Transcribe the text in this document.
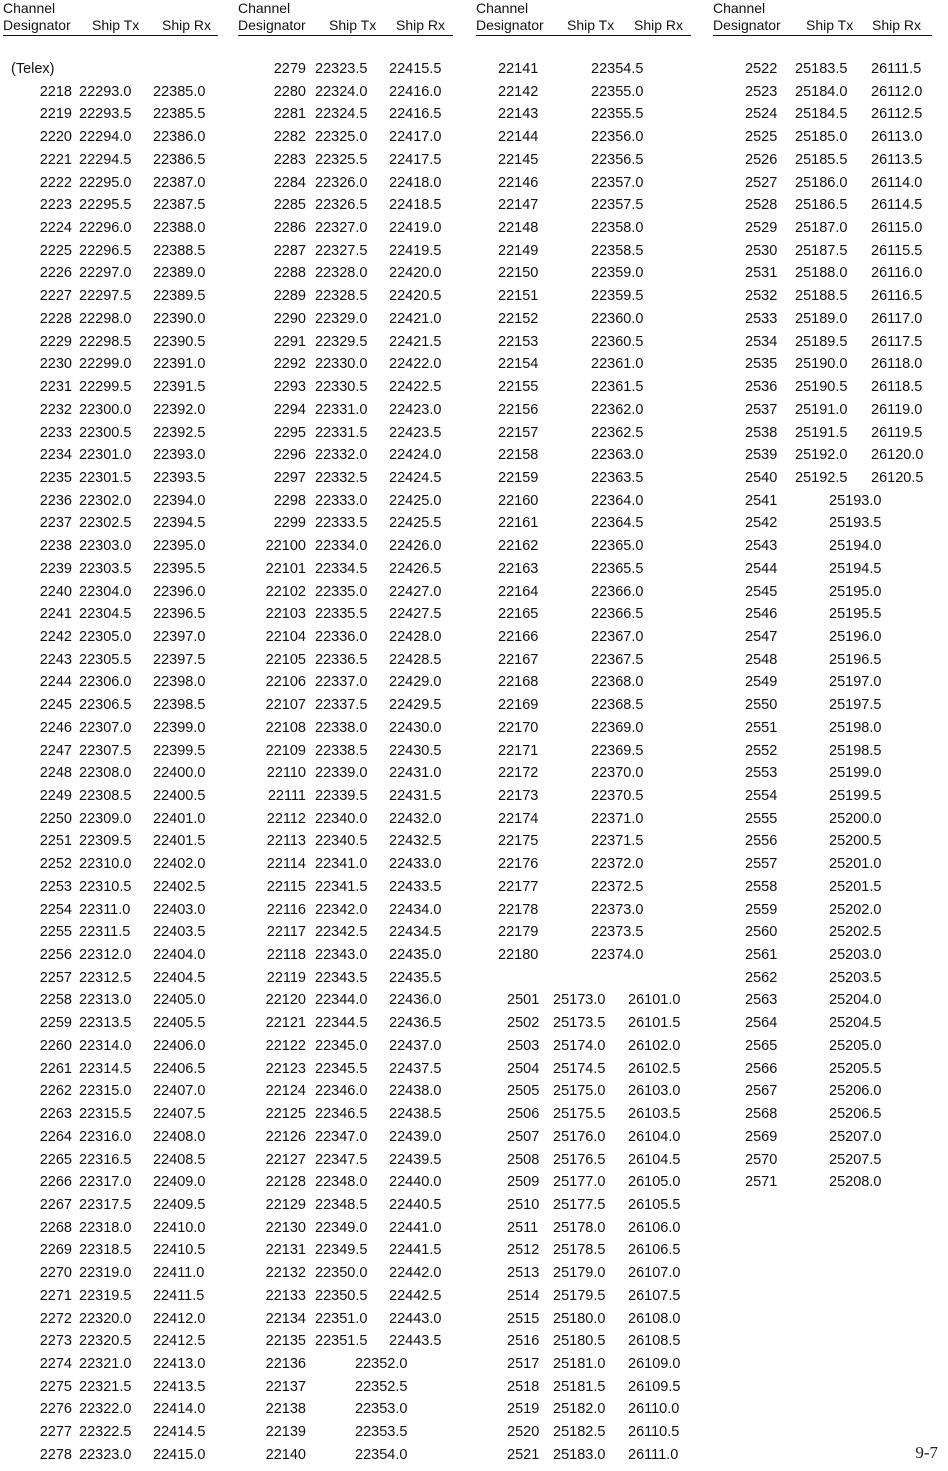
Channel
Designator Ship Tx Ship Rx
(Telex)
2218 22293.0 22385.0
2219 22293.5 22385.5
2220 22294.0 22386.0
2221 22294.5 22386.5
2222 22295.0 22387.0
2223 22295.5 22387.5
2224 22296.0 22388.0
2225 22296.5 22388.5
2226 22297.0 22389.0
2227 22297.5 22389.5
2228 22298.0 22390.0
2229 22298.5 22390.5
2230 22299.0 22391.0
2231 22299.5 22391.5
2232 22300.0 22392.0
2233 22300.5 22392.5
2234 22301.0 22393.0
2235 22301.5 22393.5
2236 22302.0 22394.0
2237 22302.5 22394.5
2238 22303.0 22395.0
2239 22303.5 22395.5
2240 22304.0 22396.0
2241 22304.5 22396.5
2242 22305.0 22397.0
2243 22305.5 22397.5
2244 22306.0 22398.0
2245 22306.5 22398.5
2246 22307.0 22399.0
2247 22307.5 22399.5
2248 22308.0 22400.0
2249 22308.5 22400.5
2250 22309.0 22401.0
2251 22309.5 22401.5
2252 22310.0 22402.0
2253 22310.5 22402.5
2254 22311.0 22403.0
2255 22311.5 22403.5
2256 22312.0 22404.0
2257 22312.5 22404.5
2258 22313.0 22405.0
2259 22313.5 22405.5
2260 22314.0 22406.0
2261 22314.5 22406.5
2262 22315.0 22407.0
2263 22315.5 22407.5
2264 22316.0 22408.0
2265 22316.5 22408.5
2266 22317.0 22409.0
2267 22317.5 22409.5
2268 22318.0 22410.0
2269 22318.5 22410.5
2270 22319.0 22411.0
2271 22319.5 22411.5
2272 22320.0 22412.0
2273 22320.5 22412.5
2274 22321.0 22413.0
2275 22321.5 22413.5
2276 22322.0 22414.0
2277 22322.5 22414.5
2278 22323.0 22415.0
Channel
Designator Ship Tx Ship Rx
2279 22323.5 22415.5
2280 22324.0 22416.0
2281 22324.5 22416.5
2282 22325.0 22417.0
2283 22325.5 22417.5
2284 22326.0 22418.0
2285 22326.5 22418.5
2286 22327.0 22419.0
2287 22327.5 22419.5
2288 22328.0 22420.0
2289 22328.5 22420.5
2290 22329.0 22421.0
2291 22329.5 22421.5
2292 22330.0 22422.0
2293 22330.5 22422.5
2294 22331.0 22423.0
2295 22331.5 22423.5
2296 22332.0 22424.0
2297 22332.5 22424.5
2298 22333.0 22425.0
2299 22333.5 22425.5
22100 22334.0 22426.0
22101 22334.5 22426.5
22102 22335.0 22427.0
22103 22335.5 22427.5
22104 22336.0 22428.0
22105 22336.5 22428.5
22106 22337.0 22429.0
22107 22337.5 22429.5
22108 22338.0 22430.0
22109 22338.5 22430.5
22110 22339.0 22431.0
22111 22339.5 22431.5
22112 22340.0 22432.0
22113 22340.5 22432.5
22114 22341.0 22433.0
22115 22341.5 22433.5
22116 22342.0 22434.0
22117 22342.5 22434.5
22118 22343.0 22435.0
22119 22343.5 22435.5
22120 22344.0 22436.0
22121 22344.5 22436.5
22122 22345.0 22437.0
22123 22345.5 22437.5
22124 22346.0 22438.0
22125 22346.5 22438.5
22126 22347.0 22439.0
22127 22347.5 22439.5
22128 22348.0 22440.0
22129 22348.5 22440.5
22130 22349.0 22441.0
22131 22349.5 22441.5
22132 22350.0 22442.0
22133 22350.5 22442.5
22134 22351.0 22443.0
22135 22351.5 22443.5
22136	22352.0
22137	22352.5
22138	22353.0
22139	22353.5
22140	22354.0
Channel
Designator Ship Tx Ship Rx
22141	22354.5
22142	22355.0
22143	22355.5
22144	22356.0
22145	22356.5
22146	22357.0
22147	22357.5
22148	22358.0
22149	22358.5
22150	22359.0
22151	22359.5
22152	22360.0
22153	22360.5
22154	22361.0
22155	22361.5
22156	22362.0
22157	22362.5
22158	22363.0
22159	22363.5
22160	22364.0
22161	22364.5
22162	22365.0
22163	22365.5
22164	22366.0
22165	22366.5
22166	22367.0
22167	22367.5
22168	22368.0
22169	22368.5
22170	22369.0
22171	22369.5
22172	22370.0
22173	22370.5
22174	22371.0
22175	22371.5
22176	22372.0
22177	22372.5
22178	22373.0
22179	22373.5
22180	22374.0
2501 25173.0 26101.0
2502 25173.5 26101.5
2503 25174.0 26102.0
2504 25174.5 26102.5
2505 25175.0 26103.0
2506 25175.5 26103.5
2507 25176.0 26104.0
2508 25176.5 26104.5
2509 25177.0 26105.0
2510 25177.5 26105.5
2511 25178.0 26106.0
2512 25178.5 26106.5
2513 25179.0 26107.0
2514 25179.5 26107.5
2515 25180.0 26108.0
2516 25180.5 26108.5
2517 25181.0 26109.0
2518 25181.5 26109.5
2519 25182.0 26110.0
2520 25182.5 26110.5
2521 25183.0 26111.0
Channel
Designator Ship Tx Ship Rx
2522 25183.5 26111.5
2523 25184.0 26112.0
2524 25184.5 26112.5
2525 25185.0 26113.0
2526 25185.5 26113.5
2527 25186.0 26114.0
2528 25186.5 26114.5
2529 25187.0 26115.0
2530 25187.5 26115.5
2531 25188.0 26116.0
2532 25188.5 26116.5
2533 25189.0 26117.0
2534 25189.5 26117.5
2535 25190.0 26118.0
2536 25190.5 26118.5
2537 25191.0 26119.0
2538 25191.5 26119.5
2539 25192.0 26120.0
2540 25192.5 26120.5
2541	25193.0
2542	25193.5
2543	25194.0
2544	25194.5
2545	25195.0
2546	25195.5
2547	25196.0
2548	25196.5
2549	25197.0
2550	25197.5
2551	25198.0
2552	25198.5
2553	25199.0
2554	25199.5
2555	25200.0
2556	25200.5
2557	25201.0
2558	25201.5
2559	25202.0
2560	25202.5
2561	25203.0
2562	25203.5
2563	25204.0
2564	25204.5
2565	25205.0
2566	25205.5
2567	25206.0
2568	25206.5
2569	25207.0
2570	25207.5
2571	25208.0
9-7
